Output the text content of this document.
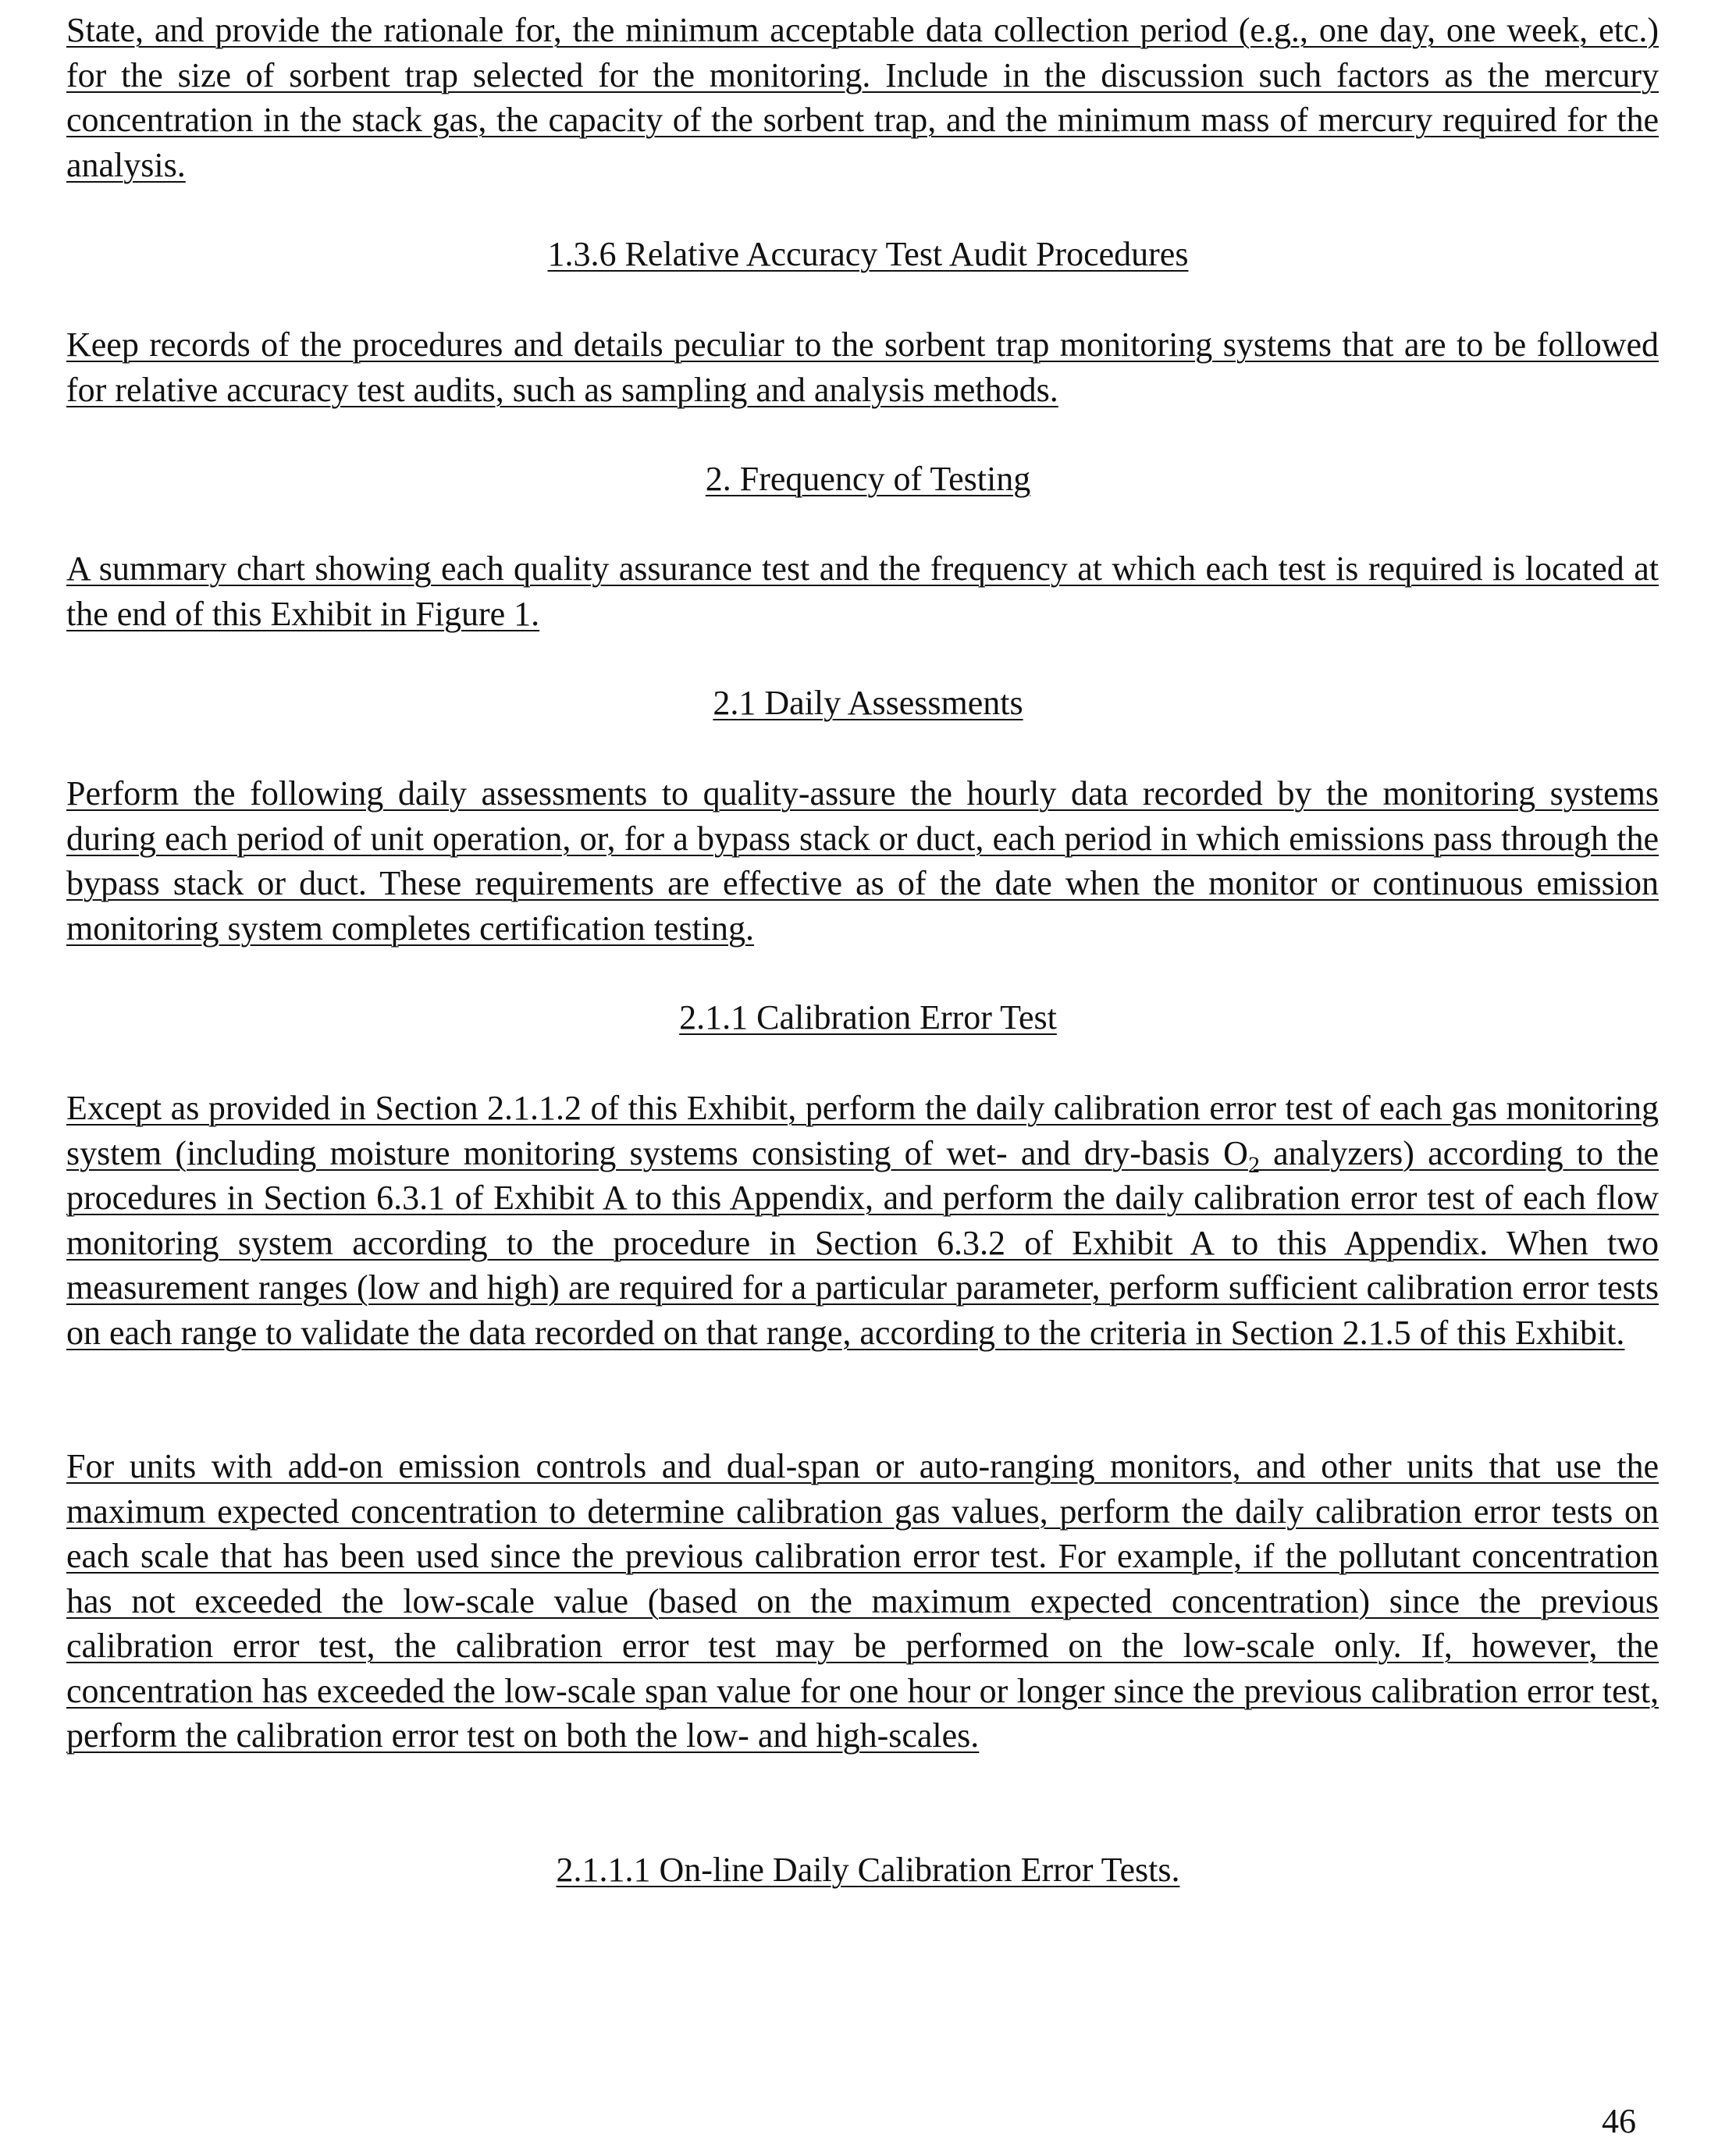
State, and provide the rationale for, the minimum acceptable data collection period (e.g., one day, one week, etc.) for the size of sorbent trap selected for the monitoring. Include in the discussion such factors as the mercury concentration in the stack gas, the capacity of the sorbent trap, and the minimum mass of mercury required for the analysis.

1.3.6 Relative Accuracy Test Audit Procedures

Keep records of the procedures and details peculiar to the sorbent trap monitoring systems that are to be followed for relative accuracy test audits, such as sampling and analysis methods.

2. Frequency of Testing

A summary chart showing each quality assurance test and the frequency at which each test is required is located at the end of this Exhibit in Figure 1.

2.1 Daily Assessments

Perform the following daily assessments to quality-assure the hourly data recorded by the monitoring systems during each period of unit operation, or, for a bypass stack or duct, each period in which emissions pass through the bypass stack or duct. These requirements are effective as of the date when the monitor or continuous emission monitoring system completes certification testing.

2.1.1 Calibration Error Test

Except as provided in Section 2.1.1.2 of this Exhibit, perform the daily calibration error test of each gas monitoring system (including moisture monitoring systems consisting of wet- and dry-basis $O_2$ analyzers) according to the procedures in Section 6.3.1 of Exhibit A to this Appendix, and perform the daily calibration error test of each flow monitoring system according to the procedure in Section 6.3.2 of Exhibit A to this Appendix. When two measurement ranges (low and high) are required for a particular parameter, perform sufficient calibration error tests on each range to validate the data recorded on that range, according to the criteria in Section 2.1.5 of this Exhibit.

For units with add-on emission controls and dual-span or auto-ranging monitors, and other units that use the maximum expected concentration to determine calibration gas values, perform the daily calibration error tests on each scale that has been used since the previous calibration error test. For example, if the pollutant concentration has not exceeded the low-scale value (based on the maximum expected concentration) since the previous calibration error test, the calibration error test may be performed on the low-scale only. If, however, the concentration has exceeded the low-scale span value for one hour or longer since the previous calibration error test, perform the calibration error test on both the low- and high-scales.

2.1.1.1 On-line Daily Calibration Error Tests.
46
